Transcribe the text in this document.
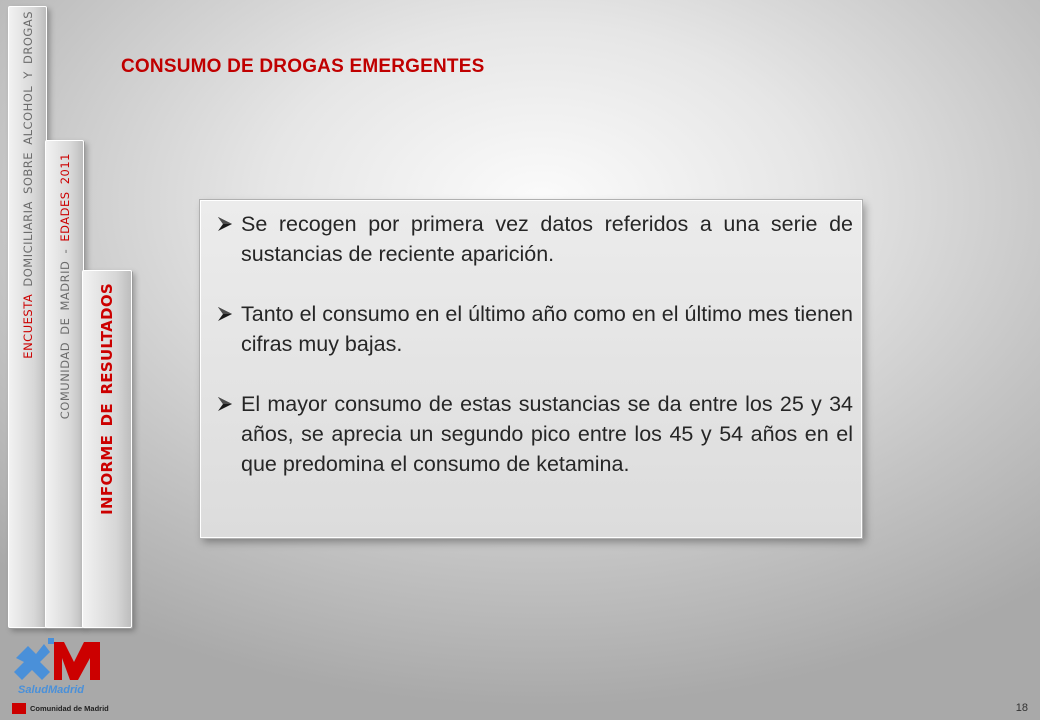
ENCUESTA DOMICILIARIA SOBRE ALCOHOL Y DROGAS
COMUNIDAD DE MADRID - EDADES 2011
INFORME DE RESULTADOS
CONSUMO DE DROGAS EMERGENTES
Se recogen por primera vez datos referidos a una serie de sustancias de reciente aparición.
Tanto el consumo en el último año como en el último mes tienen cifras muy bajas.
El mayor consumo de estas sustancias se da entre los 25 y 34 años, se aprecia un segundo pico entre los 45 y 54 años en el que predomina el consumo de ketamina.
SaludMadrid
Comunidad de Madrid	18
